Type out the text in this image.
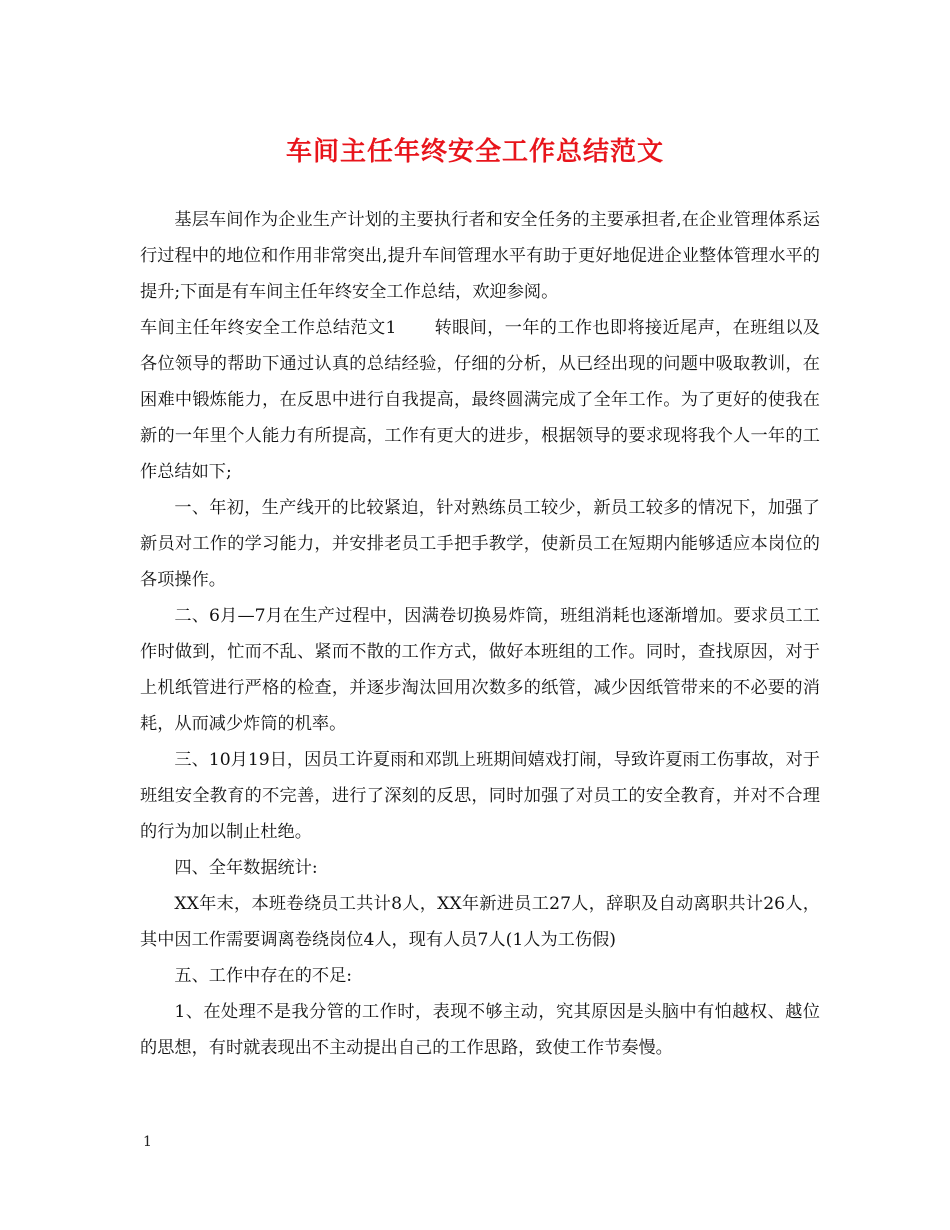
车间主任年终安全工作总结范文

基层车间作为企业生产计划的主要执行者和安全任务的主要承担者,在企业管理体系运行过程中的地位和作用非常突出,提升车间管理水平有助于更好地促进企业整体管理水平的提升;下面是有车间主任年终安全工作总结，欢迎参阅。

车间主任年终安全工作总结范文1 转眼间，一年的工作也即将接近尾声，在班组以及各位领导的帮助下通过认真的总结经验，仔细的分析，从已经出现的问题中吸取教训，在困难中锻炼能力，在反思中进行自我提高，最终圆满完成了全年工作。为了更好的使我在新的一年里个人能力有所提高，工作有更大的进步，根据领导的要求现将我个人一年的工作总结如下;

一、年初，生产线开的比较紧迫，针对熟练员工较少，新员工较多的情况下，加强了新员对工作的学习能力，并安排老员工手把手教学，使新员工在短期内能够适应本岗位的各项操作。

二、6月—7月在生产过程中，因满卷切换易炸筒，班组消耗也逐渐增加。要求员工工作时做到，忙而不乱、紧而不散的工作方式，做好本班组的工作。同时，查找原因，对于上机纸管进行严格的检查，并逐步淘汰回用次数多的纸管，减少因纸管带来的不必要的消耗，从而减少炸筒的机率。

三、10月19日，因员工许夏雨和邓凯上班期间嬉戏打闹，导致许夏雨工伤事故，对于班组安全教育的不完善，进行了深刻的反思，同时加强了对员工的安全教育，并对不合理的行为加以制止杜绝。

四、全年数据统计:

XX年末，本班卷绕员工共计8人，XX年新进员工27人，辞职及自动离职共计26人，其中因工作需要调离卷绕岗位4人，现有人员7人(1人为工伤假)

五、工作中存在的不足:

1、在处理不是我分管的工作时，表现不够主动，究其原因是头脑中有怕越权、越位的思想，有时就表现出不主动提出自己的工作思路，致使工作节奏慢。

1
